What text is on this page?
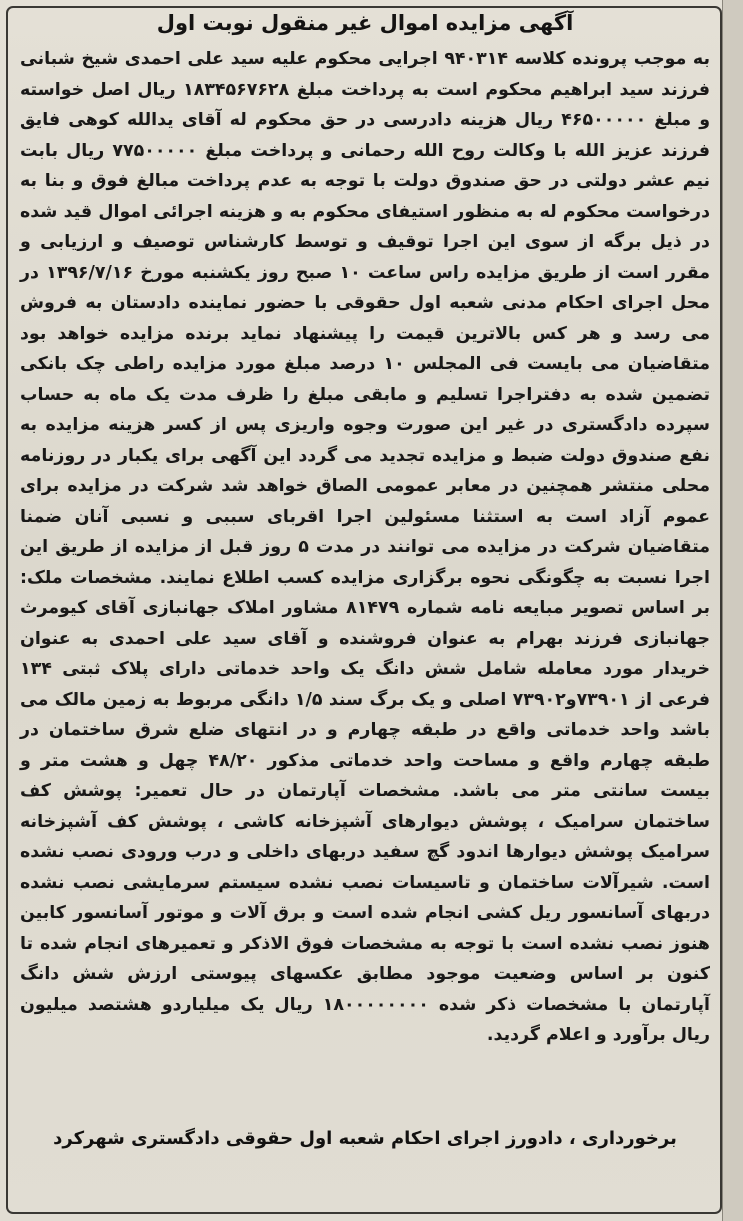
آگهی مزایده اموال غیر منقول نوبت اول

به موجب پرونده کلاسه ۹۴۰۳۱۴ اجرایی محکوم علیه سید علی احمدی شیخ شبانی فرزند سید ابراهیم محکوم است به پرداخت مبلغ ۱۸۳۴۵۶۷۶۲۸ ریال اصل خواسته و مبلغ ۴۶۵۰۰۰۰۰ ریال هزینه دادرسی در حق محکوم له آقای یدالله کوهی فایق فرزند عزیز الله با وکالت روح الله رحمانی و پرداخت مبلغ ۷۷۵۰۰۰۰۰ ریال بابت نیم عشر دولتی در حق صندوق دولت با توجه به عدم پرداخت مبالغ فوق و بنا به درخواست محکوم له به منظور استیفای محکوم به و هزینه اجرائی اموال قید شده در ذیل برگه از سوی این اجرا توقیف و توسط کارشناس توصیف و ارزیابی و مقرر است از طریق مزایده راس ساعت ۱۰ صبح روز یکشنبه مورخ ۱۳۹۶/۷/۱۶ در محل اجرای احکام مدنی شعبه اول حقوقی با حضور نماینده دادستان به فروش می رسد و هر کس بالاترین قیمت را پیشنهاد نماید برنده مزایده خواهد بود متقاضیان می بایست فی المجلس ۱۰ درصد مبلغ مورد مزایده راطی چک بانکی تضمین شده به دفتراجرا تسلیم و مابقی مبلغ را ظرف مدت یک ماه به حساب سپرده دادگستری در غیر این صورت وجوه واریزی پس از کسر هزینه مزایده به نفع صندوق دولت ضبط و مزایده تجدید می گردد این آگهی برای یکبار در روزنامه محلی منتشر همچنین در معابر عمومی الصاق خواهد شد شرکت در مزایده برای عموم آزاد است به استثنا مسئولین اجرا اقربای سببی و نسبی آنان ضمنا متقاضیان شرکت در مزایده می توانند در مدت ۵ روز قبل از مزایده از طریق این اجرا نسبت به چگونگی نحوه برگزاری مزایده کسب اطلاع نمایند. مشخصات ملک: بر اساس تصویر مبایعه نامه شماره ۸۱۴۷۹ مشاور املاک جهانبازی آقای کیومرث جهانبازی فرزند بهرام به عنوان فروشنده و آقای سید علی احمدی به عنوان خریدار مورد معامله شامل شش دانگ یک واحد خدماتی دارای پلاک ثبتی ۱۳۴ فرعی از ۷۳۹۰۱و۷۳۹۰۲ اصلی و یک برگ سند ۱/۵ دانگی مربوط به زمین مالک می باشد واحد خدماتی واقع در طبقه چهارم و در انتهای ضلع شرق ساختمان در طبقه چهارم واقع و مساحت واحد خدماتی مذکور ۴۸/۲۰ چهل و هشت متر و بیست سانتی متر می باشد. مشخصات آپارتمان در حال تعمیر: پوشش کف ساختمان سرامیک ، پوشش دیوارهای آشپزخانه کاشی ، پوشش کف آشپزخانه سرامیک پوشش دیوارها اندود گچ سفید دربهای داخلی و درب ورودی نصب نشده است. شیرآلات ساختمان و تاسیسات نصب نشده سیستم سرمایشی نصب نشده دربهای آسانسور ریل کشی انجام شده است و برق آلات و موتور آسانسور کابین هنوز نصب نشده است با توجه به مشخصات فوق الاذکر و تعمیرهای انجام شده تا کنون بر اساس وضعیت موجود مطابق عکسهای پیوستی ارزش شش دانگ آپارتمان با مشخصات ذکر شده ۱۸۰۰۰۰۰۰۰۰ ریال یک میلیاردو هشتصد میلیون ریال برآورد و اعلام گردید.

برخورداری ، دادورز اجرای احکام شعبه اول حقوقی دادگستری شهرکرد
